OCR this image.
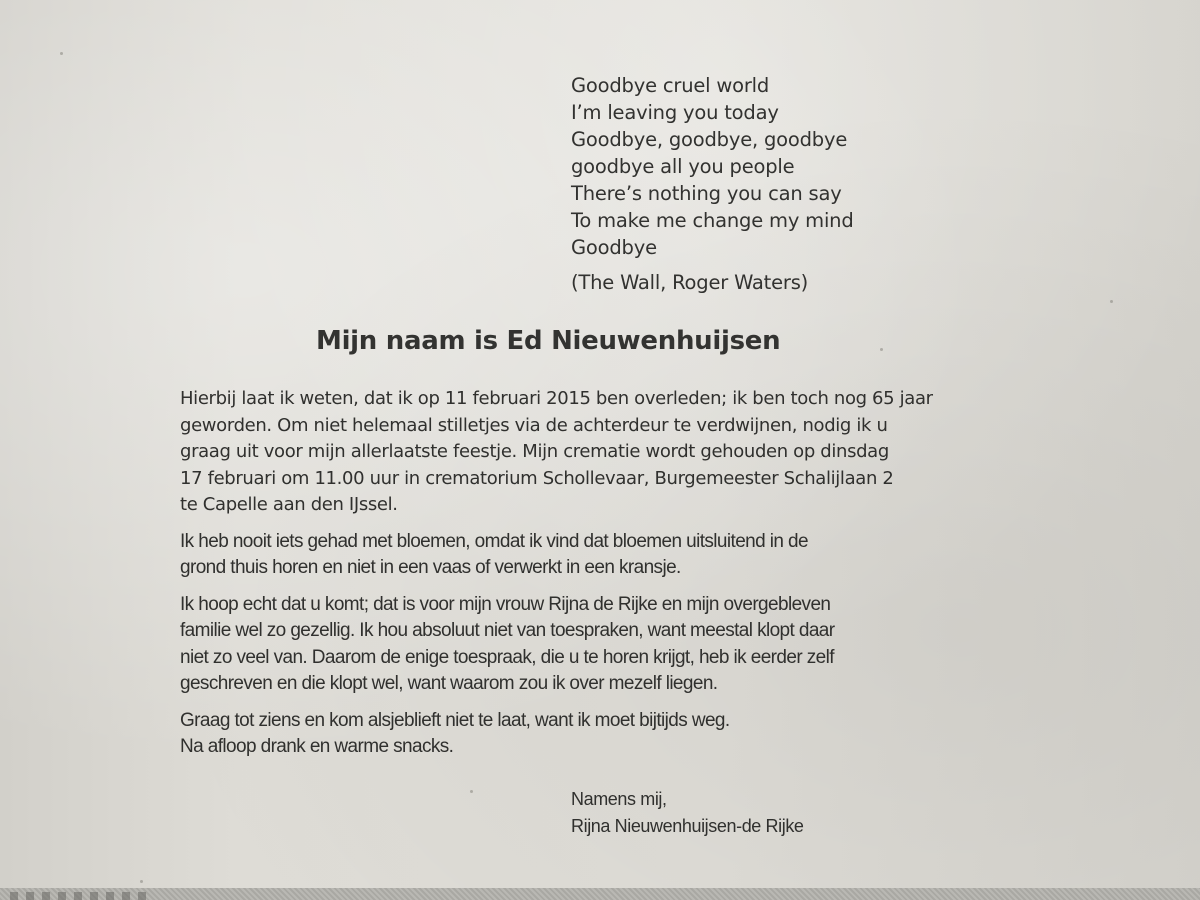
Goodbye cruel world
I’m leaving you today
Goodbye, goodbye, goodbye
goodbye all you people
There’s nothing you can say
To make me change my mind
Goodbye
(The Wall, Roger Waters)
Mijn naam is Ed Nieuwenhuijsen
Hierbij laat ik weten, dat ik op 11 februari 2015 ben overleden; ik ben toch nog 65 jaar
geworden. Om niet helemaal stilletjes via de achterdeur te verdwijnen, nodig ik u
graag uit voor mijn allerlaatste feestje. Mijn crematie wordt gehouden op dinsdag
17 februari om 11.00 uur in crematorium Schollevaar, Burgemeester Schalijlaan 2
te Capelle aan den IJssel.
Ik heb nooit iets gehad met bloemen, omdat ik vind dat bloemen uitsluitend in de
grond thuis horen en niet in een vaas of verwerkt in een kransje.
Ik hoop echt dat u komt; dat is voor mijn vrouw Rijna de Rijke en mijn overgebleven
familie wel zo gezellig. Ik hou absoluut niet van toespraken, want meestal klopt daar
niet zo veel van. Daarom de enige toespraak, die u te horen krijgt, heb ik eerder zelf
geschreven en die klopt wel, want waarom zou ik over mezelf liegen.
Graag tot ziens en kom alsjeblieft niet te laat, want ik moet bijtijds weg.
Na afloop drank en warme snacks.
Namens mij,
Rijna Nieuwenhuijsen-de Rijke
